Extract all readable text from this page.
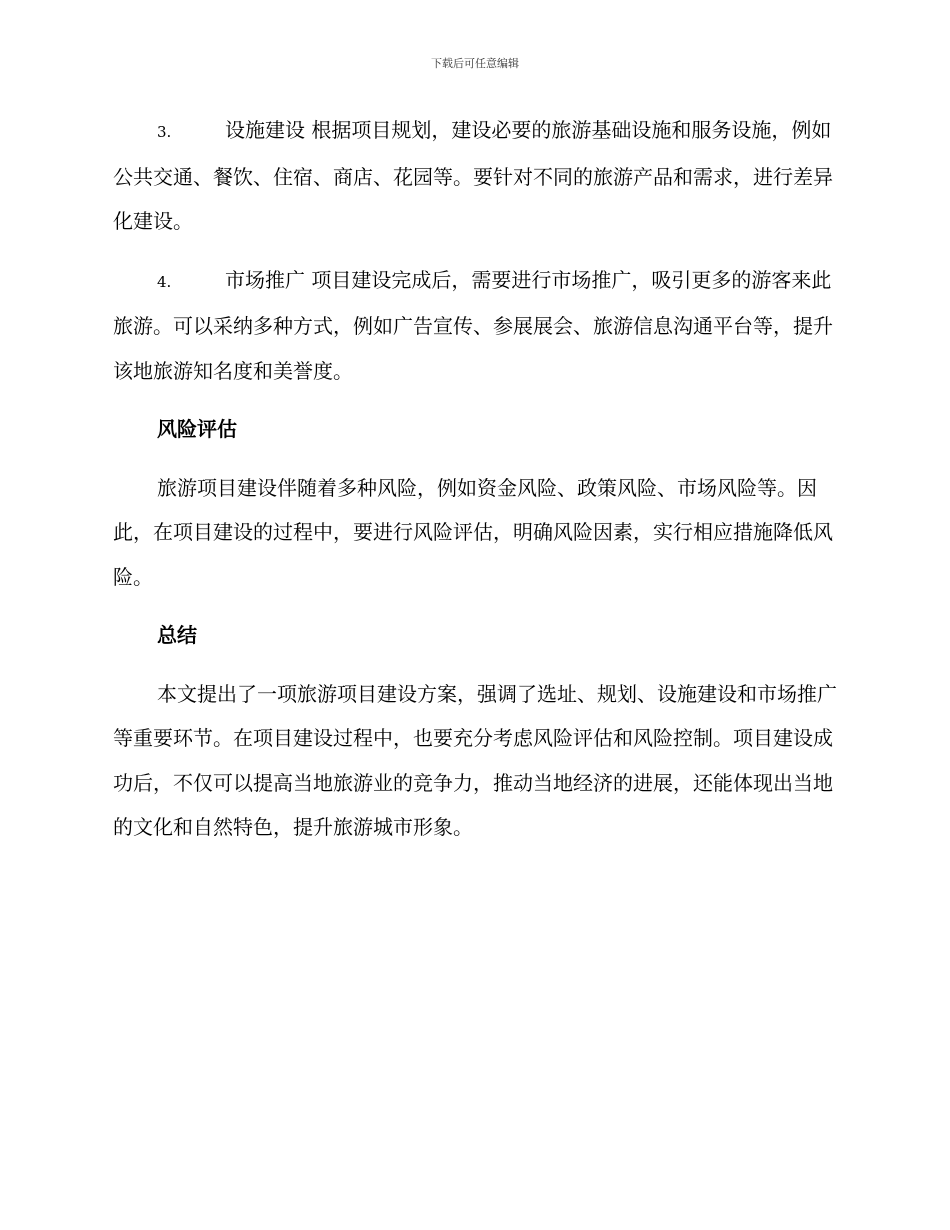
下载后可任意编辑

3.	设施建设 根据项目规划，建设必要的旅游基础设施和服务设施，例如公共交通、餐饮、住宿、商店、花园等。要针对不同的旅游产品和需求，进行差异化建设。

4.	市场推广 项目建设完成后，需要进行市场推广，吸引更多的游客来此旅游。可以采纳多种方式，例如广告宣传、参展展会、旅游信息沟通平台等，提升该地旅游知名度和美誉度。

风险评估

旅游项目建设伴随着多种风险，例如资金风险、政策风险、市场风险等。因此，在项目建设的过程中，要进行风险评估，明确风险因素，实行相应措施降低风险。

总结

本文提出了一项旅游项目建设方案，强调了选址、规划、设施建设和市场推广等重要环节。在项目建设过程中，也要充分考虑风险评估和风险控制。项目建设成功后，不仅可以提高当地旅游业的竞争力，推动当地经济的进展，还能体现出当地的文化和自然特色，提升旅游城市形象。
